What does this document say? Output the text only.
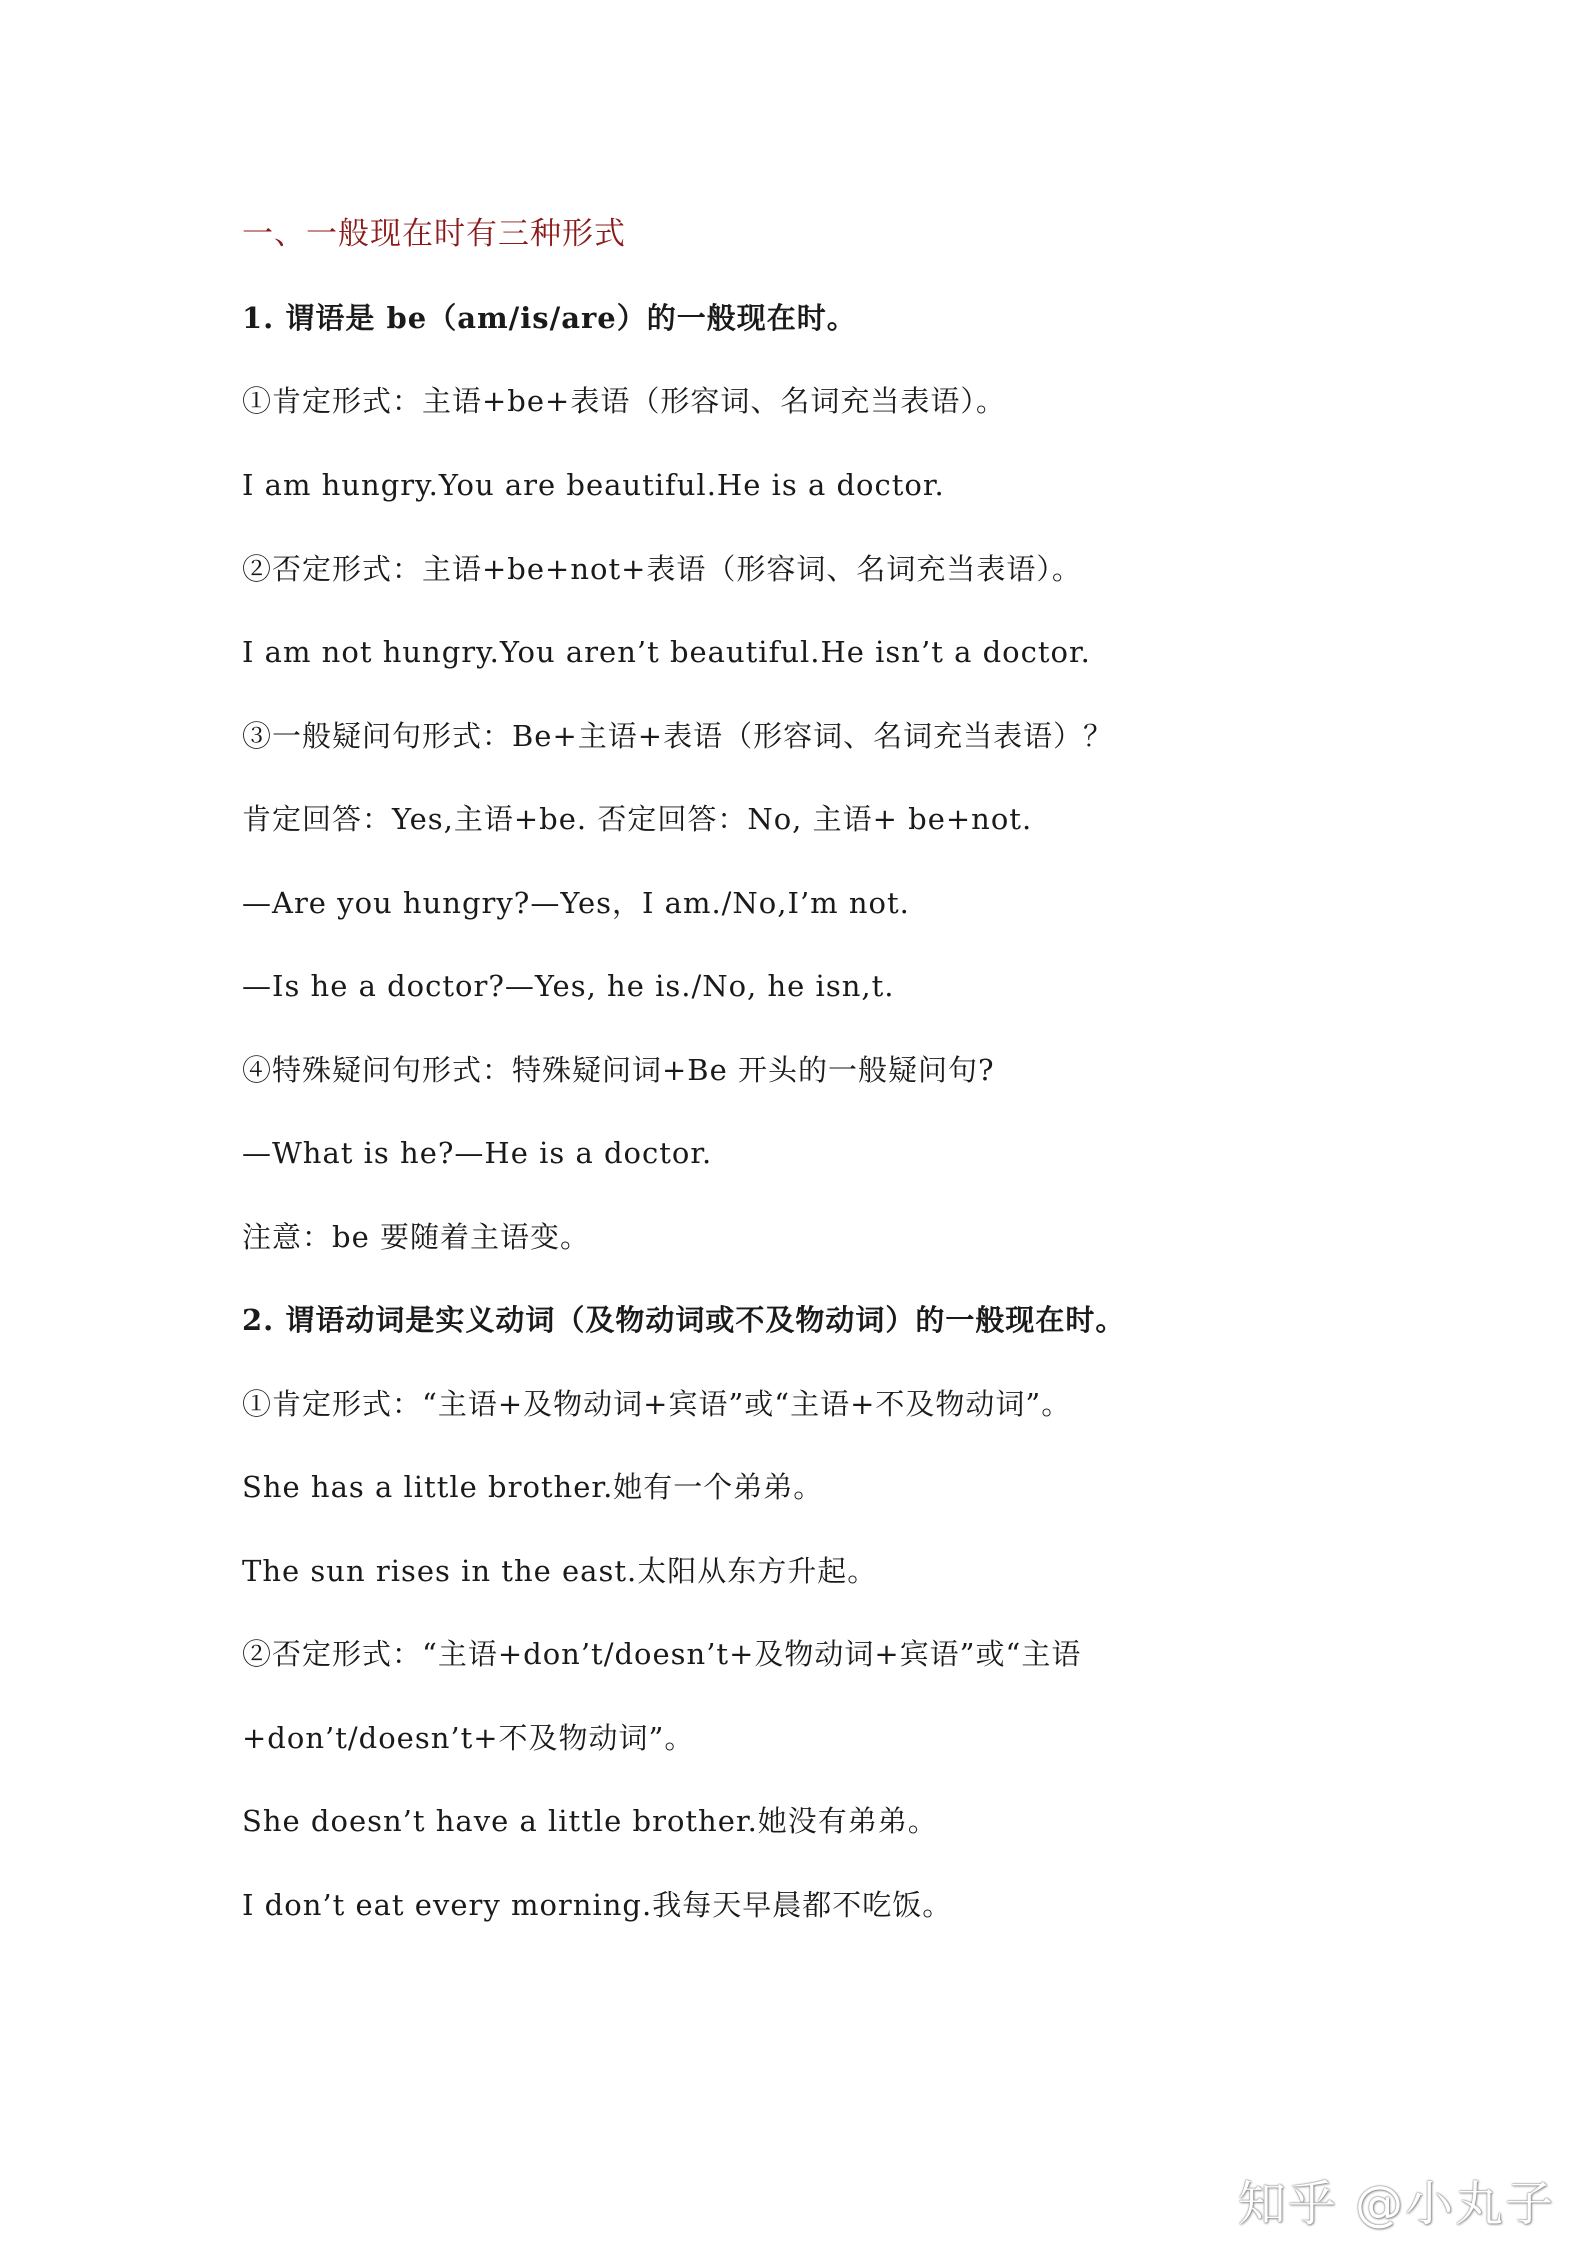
一、一般现在时有三种形式
1. 谓语是 be（am/is/are）的一般现在时。
①肯定形式：主语+be+表语（形容词、名词充当表语）。
I am hungry.You are beautiful.He is a doctor.
②否定形式：主语+be+not+表语（形容词、名词充当表语）。
I am not hungry.You aren’t beautiful.He isn’t a doctor.
③一般疑问句形式：Be+主语+表语（形容词、名词充当表语）？
肯定回答：Yes,主语+be. 否定回答：No, 主语+ be+not.
—Are you hungry?—Yes，I am./No,I’m not.
—Is he a doctor?—Yes, he is./No, he isn,t.
④特殊疑问句形式：特殊疑问词+Be 开头的一般疑问句?
—What is he?—He is a doctor.
注意：be 要随着主语变。
2. 谓语动词是实义动词（及物动词或不及物动词）的一般现在时。
①肯定形式：“主语+及物动词+宾语”或“主语+不及物动词”。
She has a little brother.她有一个弟弟。
The sun rises in the east.太阳从东方升起。
②否定形式：“主语+don’t/doesn’t+及物动词+宾语”或“主语
+don’t/doesn’t+不及物动词”。
She doesn’t have a little brother.她没有弟弟。
I don’t eat every morning.我每天早晨都不吃饭。
知乎 @小丸子
